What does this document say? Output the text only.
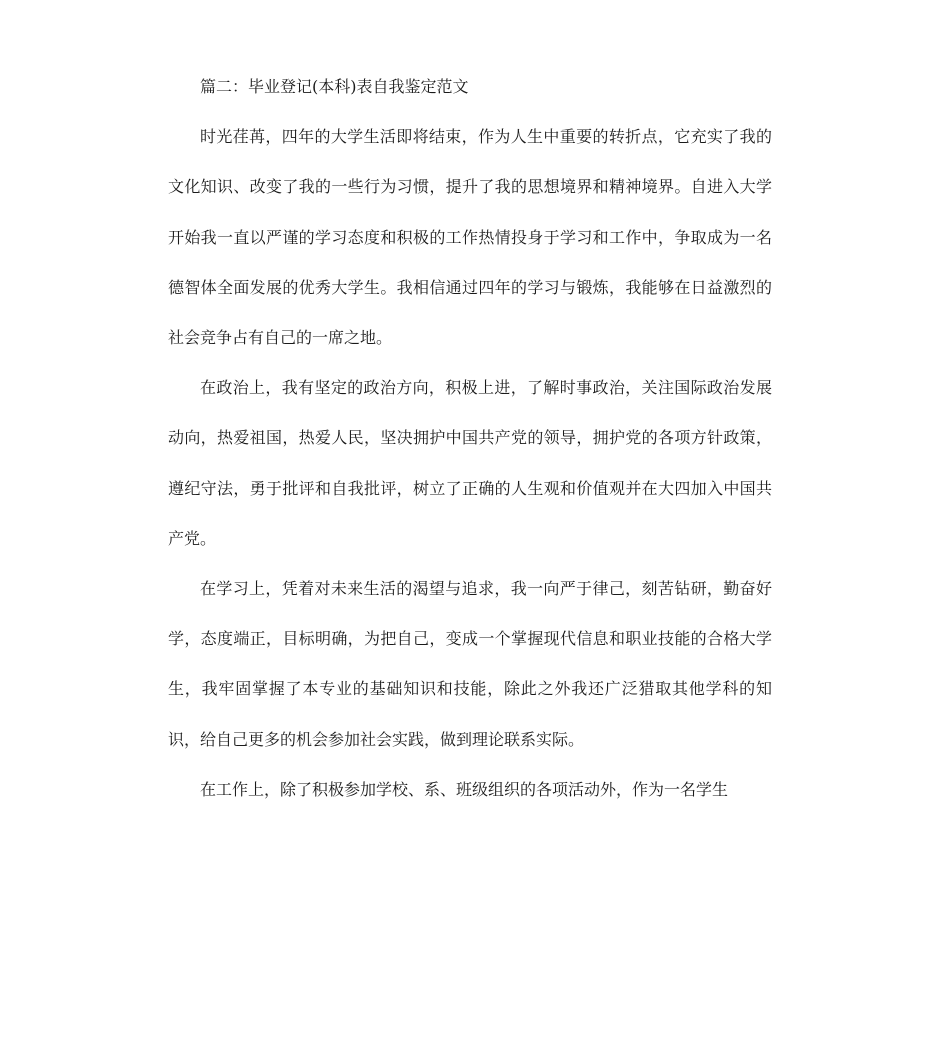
篇二：毕业登记(本科)表自我鉴定范文

时光荏苒，四年的大学生活即将结束，作为人生中重要的转折点，它充实了我的文化知识、改变了我的一些行为习惯，提升了我的思想境界和精神境界。自进入大学开始我一直以严谨的学习态度和积极的工作热情投身于学习和工作中，争取成为一名德智体全面发展的优秀大学生。我相信通过四年的学习与锻炼，我能够在日益激烈的社会竞争占有自己的一席之地。

在政治上，我有坚定的政治方向，积极上进，了解时事政治，关注国际政治发展动向，热爱祖国，热爱人民，坚决拥护中国共产党的领导，拥护党的各项方针政策，遵纪守法，勇于批评和自我批评，树立了正确的人生观和价值观并在大四加入中国共产党。

在学习上，凭着对未来生活的渴望与追求，我一向严于律己，刻苦钻研，勤奋好学，态度端正，目标明确，为把自己，变成一个掌握现代信息和职业技能的合格大学生，我牢固掌握了本专业的基础知识和技能，除此之外我还广泛猎取其他学科的知识，给自己更多的机会参加社会实践，做到理论联系实际。

在工作上，除了积极参加学校、系、班级组织的各项活动外，作为一名学生
